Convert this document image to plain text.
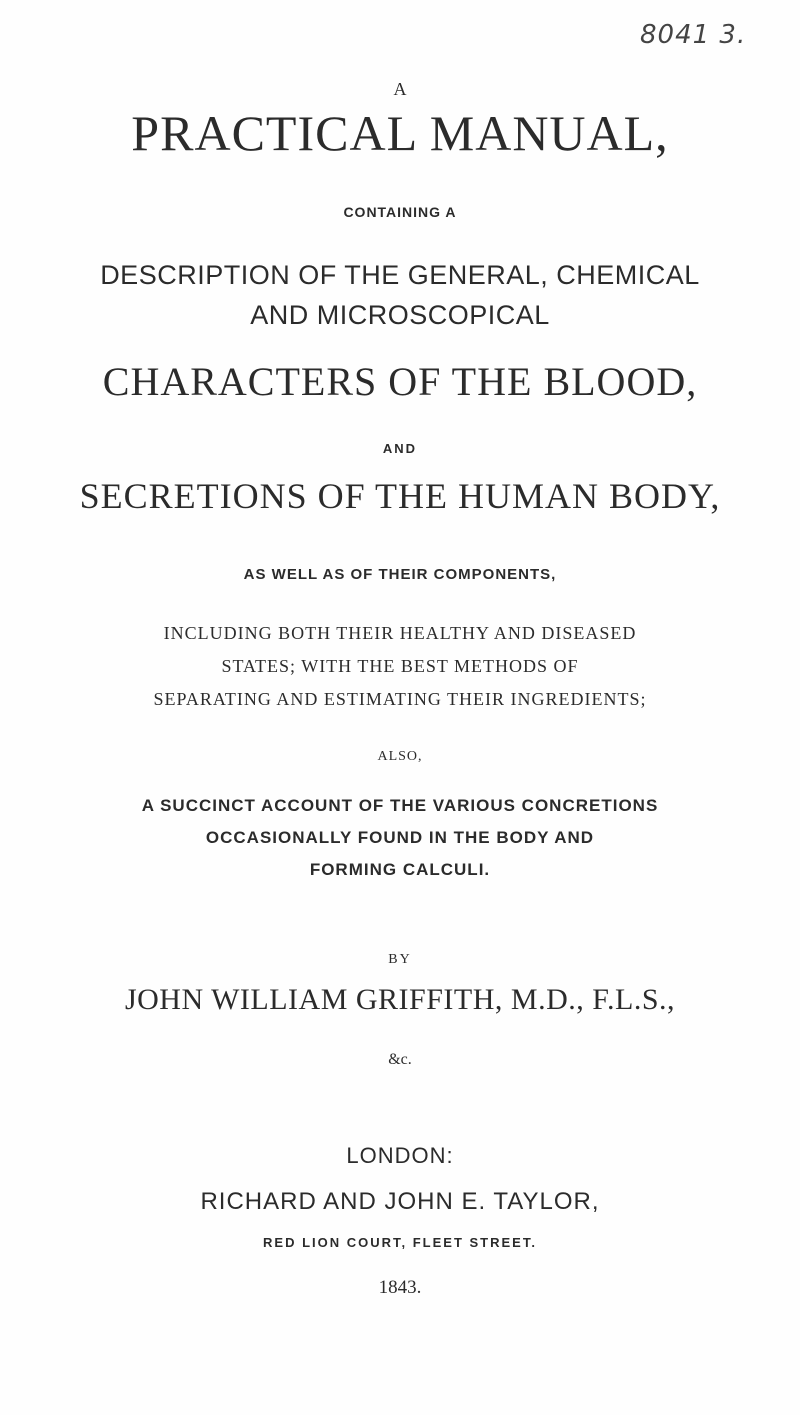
8041 3.
A
PRACTICAL MANUAL,
CONTAINING A
DESCRIPTION OF THE GENERAL, CHEMICAL
AND MICROSCOPICAL
CHARACTERS OF THE BLOOD,
AND
SECRETIONS OF THE HUMAN BODY,
AS WELL AS OF THEIR COMPONENTS,
INCLUDING BOTH THEIR HEALTHY AND DISEASED
STATES; WITH THE BEST METHODS OF
SEPARATING AND ESTIMATING THEIR INGREDIENTS;
ALSO,
A SUCCINCT ACCOUNT OF THE VARIOUS CONCRETIONS
OCCASIONALLY FOUND IN THE BODY AND
FORMING CALCULI.
BY
JOHN WILLIAM GRIFFITH, M.D., F.L.S.,
&c.
LONDON:
RICHARD AND JOHN E. TAYLOR,
RED LION COURT, FLEET STREET.
1843.
